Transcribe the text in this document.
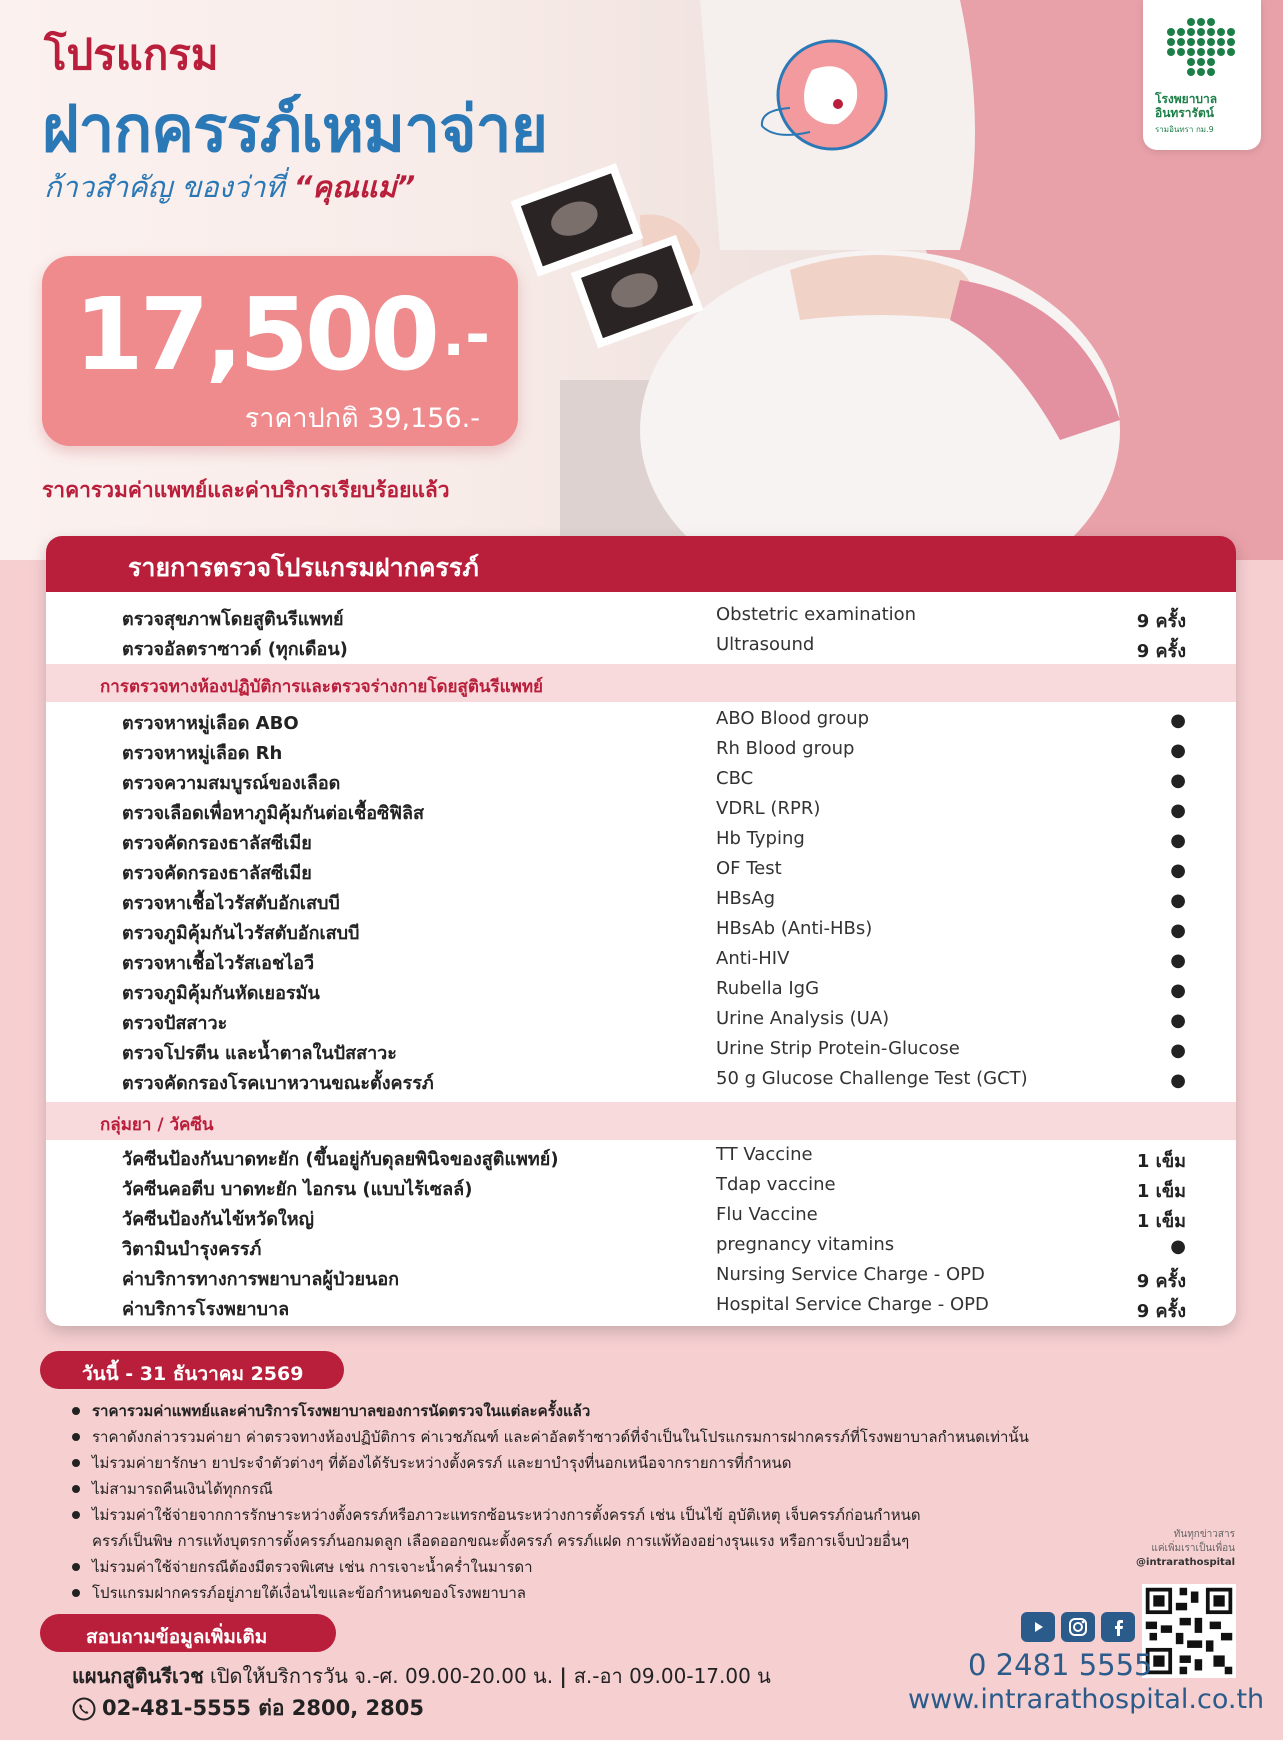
โปรแกรม
ฝากครรภ์เหมาจ่าย
ก้าวสำคัญ ของว่าที่ “คุณแม่”
โรงพยาบาล
อินทรารัตน์
รามอินทรา กม.9
17,500 .-
ราคาปกติ 39,156.-
ราคารวมค่าแพทย์และค่าบริการเรียบร้อยแล้ว
รายการตรวจโปรแกรมฝากครรภ์
ตรวจสุขภาพโดยสูตินรีแพทย์	Obstetric examination	9 ครั้ง
ตรวจอัลตราซาวด์ (ทุกเดือน)	Ultrasound	9 ครั้ง
การตรวจทางห้องปฏิบัติการและตรวจร่างกายโดยสูตินรีแพทย์
ตรวจหาหมู่เลือด ABO	ABO Blood group	●
ตรวจหาหมู่เลือด Rh	Rh Blood group	●
ตรวจความสมบูรณ์ของเลือด	CBC	●
ตรวจเลือดเพื่อหาภูมิคุ้มกันต่อเชื้อซิฟิลิส	VDRL (RPR)	●
ตรวจคัดกรองธาลัสซีเมีย	Hb Typing	●
ตรวจคัดกรองธาลัสซีเมีย	OF Test	●
ตรวจหาเชื้อไวรัสตับอักเสบบี	HBsAg	●
ตรวจภูมิคุ้มกันไวรัสตับอักเสบบี	HBsAb (Anti-HBs)	●
ตรวจหาเชื้อไวรัสเอชไอวี	Anti-HIV	●
ตรวจภูมิคุ้มกันหัดเยอรมัน	Rubella IgG	●
ตรวจปัสสาวะ	Urine Analysis (UA)	●
ตรวจโปรตีน และน้ำตาลในปัสสาวะ	Urine Strip Protein-Glucose	●
ตรวจคัดกรองโรคเบาหวานขณะตั้งครรภ์	50 g Glucose Challenge Test (GCT)	●
กลุ่มยา / วัคซีน
วัคซีนป้องกันบาดทะยัก (ขึ้นอยู่กับดุลยพินิจของสูติแพทย์)	TT Vaccine	1 เข็ม
วัคซีนคอตีบ บาดทะยัก ไอกรน (แบบไร้เซลล์)	Tdap vaccine	1 เข็ม
วัคซีนป้องกันไข้หวัดใหญ่	Flu Vaccine	1 เข็ม
วิตามินบำรุงครรภ์	pregnancy vitamins	●
ค่าบริการทางการพยาบาลผู้ป่วยนอก	Nursing Service Charge - OPD	9 ครั้ง
ค่าบริการโรงพยาบาล	Hospital Service Charge - OPD	9 ครั้ง
วันนี้ - 31 ธันวาคม 2569
ราคารวมค่าแพทย์และค่าบริการโรงพยาบาลของการนัดตรวจในแต่ละครั้งแล้ว
ราคาดังกล่าวรวมค่ายา ค่าตรวจทางห้องปฏิบัติการ ค่าเวชภัณฑ์ และค่าอัลตร้าซาวด์ที่จำเป็นในโปรแกรมการฝากครรภ์ที่โรงพยาบาลกำหนดเท่านั้น
ไม่รวมค่ายารักษา ยาประจำตัวต่างๆ ที่ต้องได้รับระหว่างตั้งครรภ์ และยาบำรุงที่นอกเหนือจากรายการที่กำหนด
ไม่สามารถคืนเงินได้ทุกกรณี
ไม่รวมค่าใช้จ่ายจากการรักษาระหว่างตั้งครรภ์หรือภาวะแทรกซ้อนระหว่างการตั้งครรภ์ เช่น เป็นไข้ อุบัติเหตุ เจ็บครรภ์ก่อนกำหนด
ครรภ์เป็นพิษ การแท้งบุตรการตั้งครรภ์นอกมดลูก เลือดออกขณะตั้งครรภ์ ครรภ์แฝด การแพ้ท้องอย่างรุนแรง หรือการเจ็บป่วยอื่นๆ
ไม่รวมค่าใช้จ่ายกรณีต้องมีตรวจพิเศษ เช่น การเจาะน้ำคร่ำในมารดา
โปรแกรมฝากครรภ์อยู่ภายใต้เงื่อนไขและข้อกำหนดของโรงพยาบาล
สอบถามข้อมูลเพิ่มเติม
แผนกสูตินรีเวช เปิดให้บริการวัน จ.-ศ. 09.00-20.00 น. | ส.-อา 09.00-17.00 น
02-481-5555 ต่อ 2800, 2805
ทันทุกข่าวสาร
แค่เพิ่มเราเป็นเพื่อน
@intrarathospital
0 2481 5555
www.intrarathospital.co.th
